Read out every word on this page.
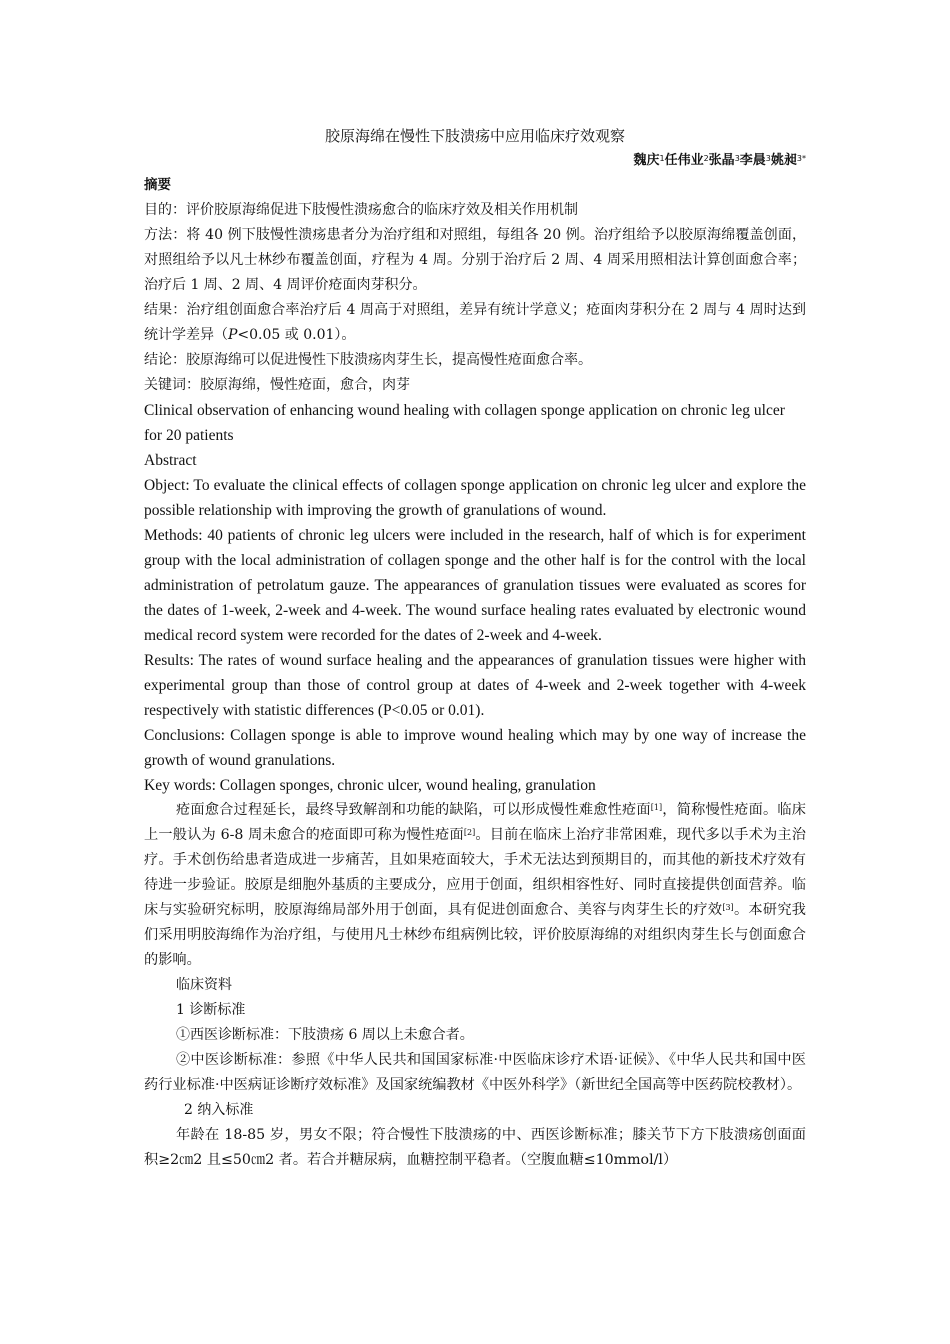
胶原海绵在慢性下肢溃疡中应用临床疗效观察

魏庆$^1$任伟业$^2$张晶$^3$李晨$^3$姚昶$^{3*}$

摘要

目的：评价胶原海绵促进下肢慢性溃疡愈合的临床疗效及相关作用机制

方法：将 40 例下肢慢性溃疡患者分为治疗组和对照组，每组各 20 例。治疗组给予以胶原海绵覆盖创面，对照组给予以凡士林纱布覆盖创面，疗程为 4 周。分别于治疗后 2 周、4 周采用照相法计算创面愈合率；治疗后 1 周、2 周、4 周评价疮面肉芽积分。

结果：治疗组创面愈合率治疗后 4 周高于对照组，差异有统计学意义；疮面肉芽积分在 2 周与 4 周时达到统计学差异（P<0.05 或 0.01）。

结论：胶原海绵可以促进慢性下肢溃疡肉芽生长，提高慢性疮面愈合率。

关键词：胶原海绵，慢性疮面，愈合，肉芽

Clinical observation of enhancing wound healing with collagen sponge application on chronic leg ulcer for 20 patients

Abstract

Object: To evaluate the clinical effects of collagen sponge application on chronic leg ulcer and explore the possible relationship with improving the growth of granulations of wound.

Methods: 40 patients of chronic leg ulcers were included in the research, half of which is for experiment group with the local administration of collagen sponge and the other half is for the control with the local administration of petrolatum gauze. The appearances of granulation tissues were evaluated as scores for the dates of 1-week, 2-week and 4-week. The wound surface healing rates evaluated by electronic wound medical record system were recorded for the dates of 2-week and 4-week.

Results: The rates of wound surface healing and the appearances of granulation tissues were higher with experimental group than those of control group at dates of 4-week and 2-week together with 4-week respectively with statistic differences (P<0.05 or 0.01).

Conclusions: Collagen sponge is able to improve wound healing which may by one way of increase the growth of wound granulations.

Key words: Collagen sponges, chronic ulcer, wound healing, granulation

疮面愈合过程延长，最终导致解剖和功能的缺陷，可以形成慢性难愈性疮面[1]，简称慢性疮面。临床上一般认为 6-8 周未愈合的疮面即可称为慢性疮面[2]。目前在临床上治疗非常困难，现代多以手术为主治疗。手术创伤给患者造成进一步痛苦，且如果疮面较大，手术无法达到预期目的，而其他的新技术疗效有待进一步验证。胶原是细胞外基质的主要成分，应用于创面，组织相容性好、同时直接提供创面营养。临床与实验研究标明，胶原海绵局部外用于创面，具有促进创面愈合、美容与肉芽生长的疗效[3]。本研究我们采用明胶海绵作为治疗组，与使用凡士林纱布组病例比较，评价胶原海绵的对组织肉芽生长与创面愈合的影响。

临床资料

1 诊断标准

①西医诊断标准：下肢溃疡 6 周以上未愈合者。

②中医诊断标准：参照《中华人民共和国国家标准·中医临床诊疗术语·证候》、《中华人民共和国中医药行业标准·中医病证诊断疗效标准》及国家统编教材《中医外科学》（新世纪全国高等中医药院校教材）。

2 纳入标准

年龄在 18-85 岁，男女不限；符合慢性下肢溃疡的中、西医诊断标准；膝关节下方下肢溃疡创面面积≥2㎝2 且≤50㎝2 者。若合并糖尿病，血糖控制平稳者。（空腹血糖≤10mmol/l）
